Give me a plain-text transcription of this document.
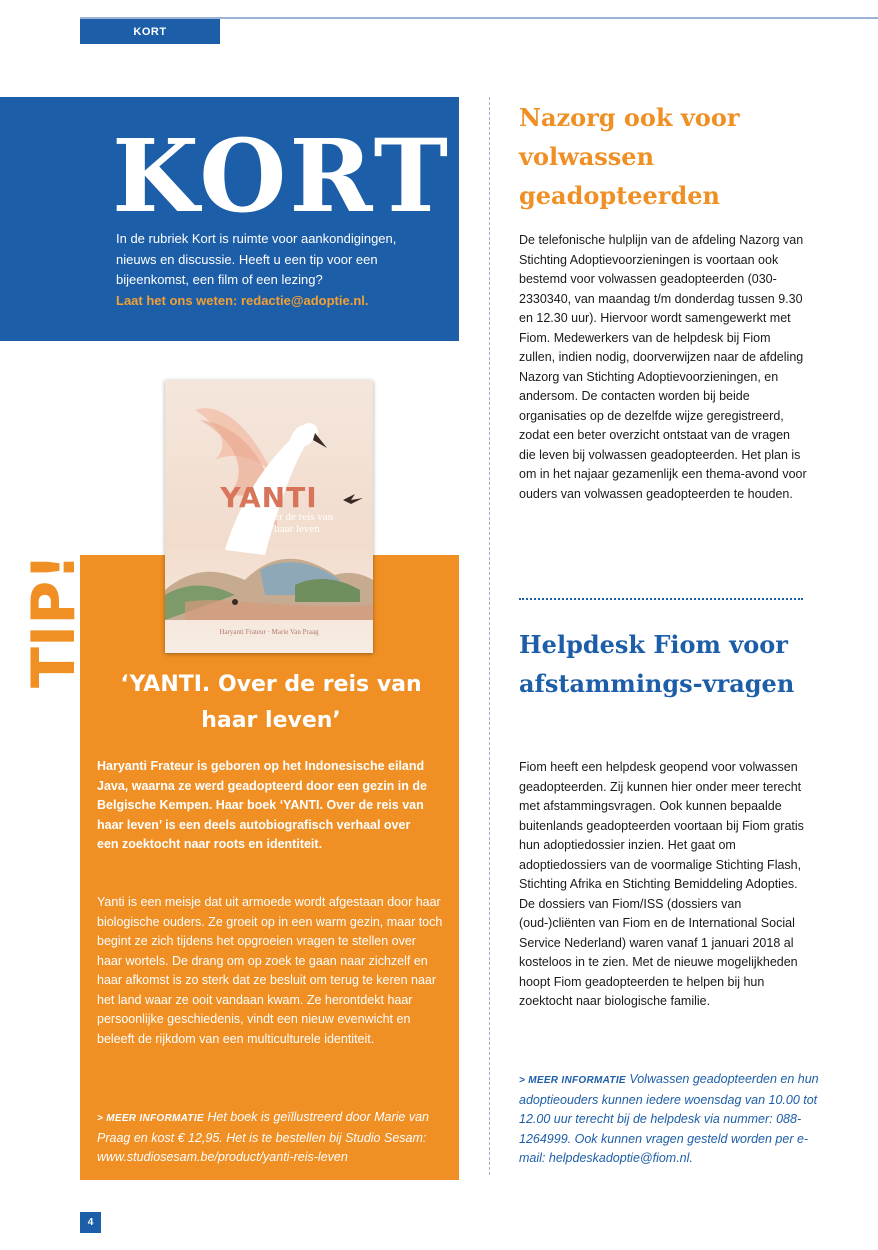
KORT
KORT

In de rubriek Kort is ruimte voor aankondigingen, nieuws en discussie. Heeft u een tip voor een bijeenkomst, een film of een lezing?
Laat het ons weten: redactie@adoptie.nl.

TIP!

YANTI

Over de reis van haar leven

Haryanti Frateur · Marie Van Praag

‘YANTI. Over de reis van haar leven’

Haryanti Frateur is geboren op het Indonesische eiland Java, waarna ze werd geadopteerd door een gezin in de Belgische Kempen. Haar boek ‘YANTI. Over de reis van haar leven’ is een deels autobiografisch verhaal over een zoektocht naar roots en identiteit.

Yanti is een meisje dat uit armoede wordt afgestaan door haar biologische ouders. Ze groeit op in een warm gezin, maar toch begint ze zich tijdens het opgroeien vragen te stellen over haar wortels. De drang om op zoek te gaan naar zichzelf en haar afkomst is zo sterk dat ze besluit om terug te keren naar het land waar ze ooit vandaan kwam. Ze herontdekt haar persoonlijke geschiedenis, vindt een nieuw evenwicht en beleeft de rijkdom van een multiculturele identiteit.

> MEER INFORMATIE Het boek is geïllustreerd door Marie van Praag en kost € 12,95. Het is te bestellen bij Studio Sesam: www.studiosesam.be/product/yanti-reis-leven

Nazorg ook voor volwassen geadopteerden

De telefonische hulplijn van de afdeling Nazorg van Stichting Adoptievoorzieningen is voortaan ook bestemd voor volwassen geadopteerden (030-2330340, van maandag t/m donderdag tussen 9.30 en 12.30 uur). Hiervoor wordt samengewerkt met Fiom. Medewerkers van de helpdesk bij Fiom zullen, indien nodig, doorverwijzen naar de afdeling Nazorg van Stichting Adoptievoorzieningen, en andersom. De contacten worden bij beide organisaties op de dezelfde wijze geregistreerd, zodat een beter overzicht ontstaat van de vragen die leven bij volwassen geadopteerden. Het plan is om in het najaar gezamenlijk een thema-avond voor ouders van volwassen geadopteerden te houden.

Helpdesk Fiom voor afstammings-vragen

Fiom heeft een helpdesk geopend voor volwassen geadopteerden. Zij kunnen hier onder meer terecht met afstammingsvragen. Ook kunnen bepaalde buitenlands geadopteerden voortaan bij Fiom gratis hun adoptiedossier inzien. Het gaat om adoptiedossiers van de voormalige Stichting Flash, Stichting Afrika en Stichting Bemiddeling Adopties. De dossiers van Fiom/ISS (dossiers van (oud-)cliënten van Fiom en de International Social Service Nederland) waren vanaf 1 januari 2018 al kosteloos in te zien. Met de nieuwe mogelijkheden hoopt Fiom geadopteerden te helpen bij hun zoektocht naar biologische familie.

> MEER INFORMATIE Volwassen geadopteerden en hun adoptieouders kunnen iedere woensdag van 10.00 tot 12.00 uur terecht bij de helpdesk via nummer: 088-1264999. Ook kunnen vragen gesteld worden per e-mail: helpdeskadoptie@fiom.nl.

4
